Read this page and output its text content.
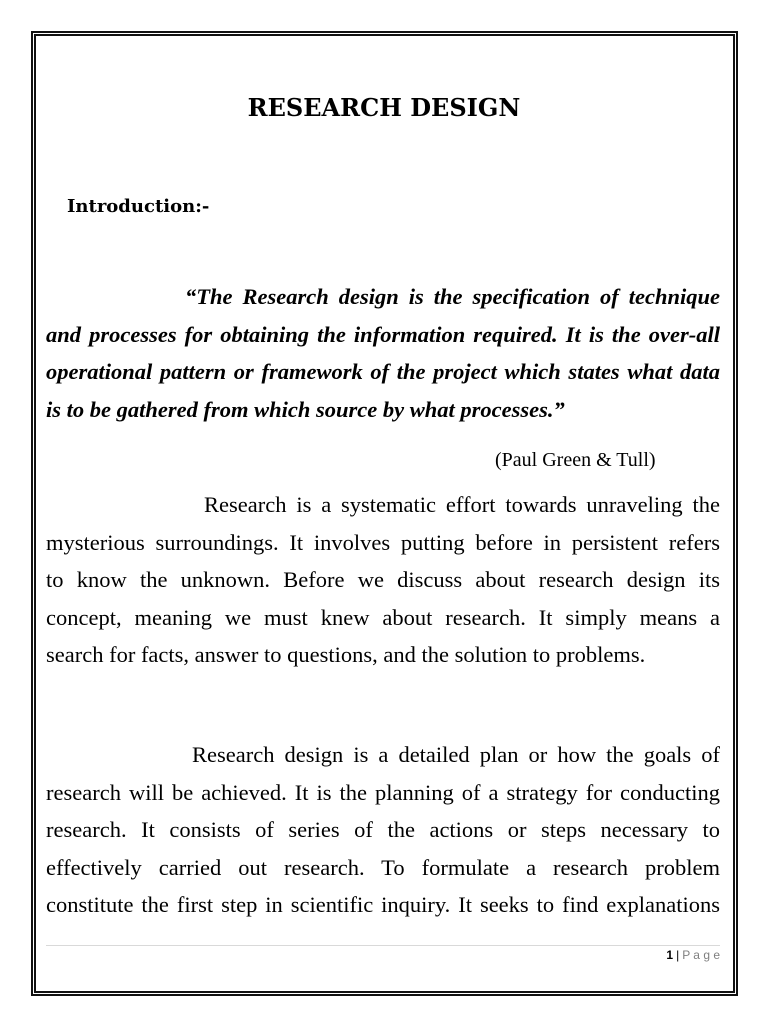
RESEARCH DESIGN
Introduction:-
“The Research design is the specification of technique
and processes for obtaining the information required. It is the over-all
operational pattern or framework of the project which states what data
is to be gathered from which source by what processes.”
(Paul Green & Tull)
Research is a systematic effort towards unraveling the
mysterious surroundings. It involves putting before in persistent refers
to know the unknown. Before we discuss about research design its
concept, meaning we must knew about research. It simply means a
search for facts, answer to questions, and the solution to problems.
Research design is a detailed plan or how the goals of
research will be achieved. It is the planning of a strategy for conducting
research. It consists of series of the actions or steps necessary to
effectively carried out research. To formulate a research problem
constitute the first step in scientific inquiry. It seeks to find explanations
1 | P a g e
